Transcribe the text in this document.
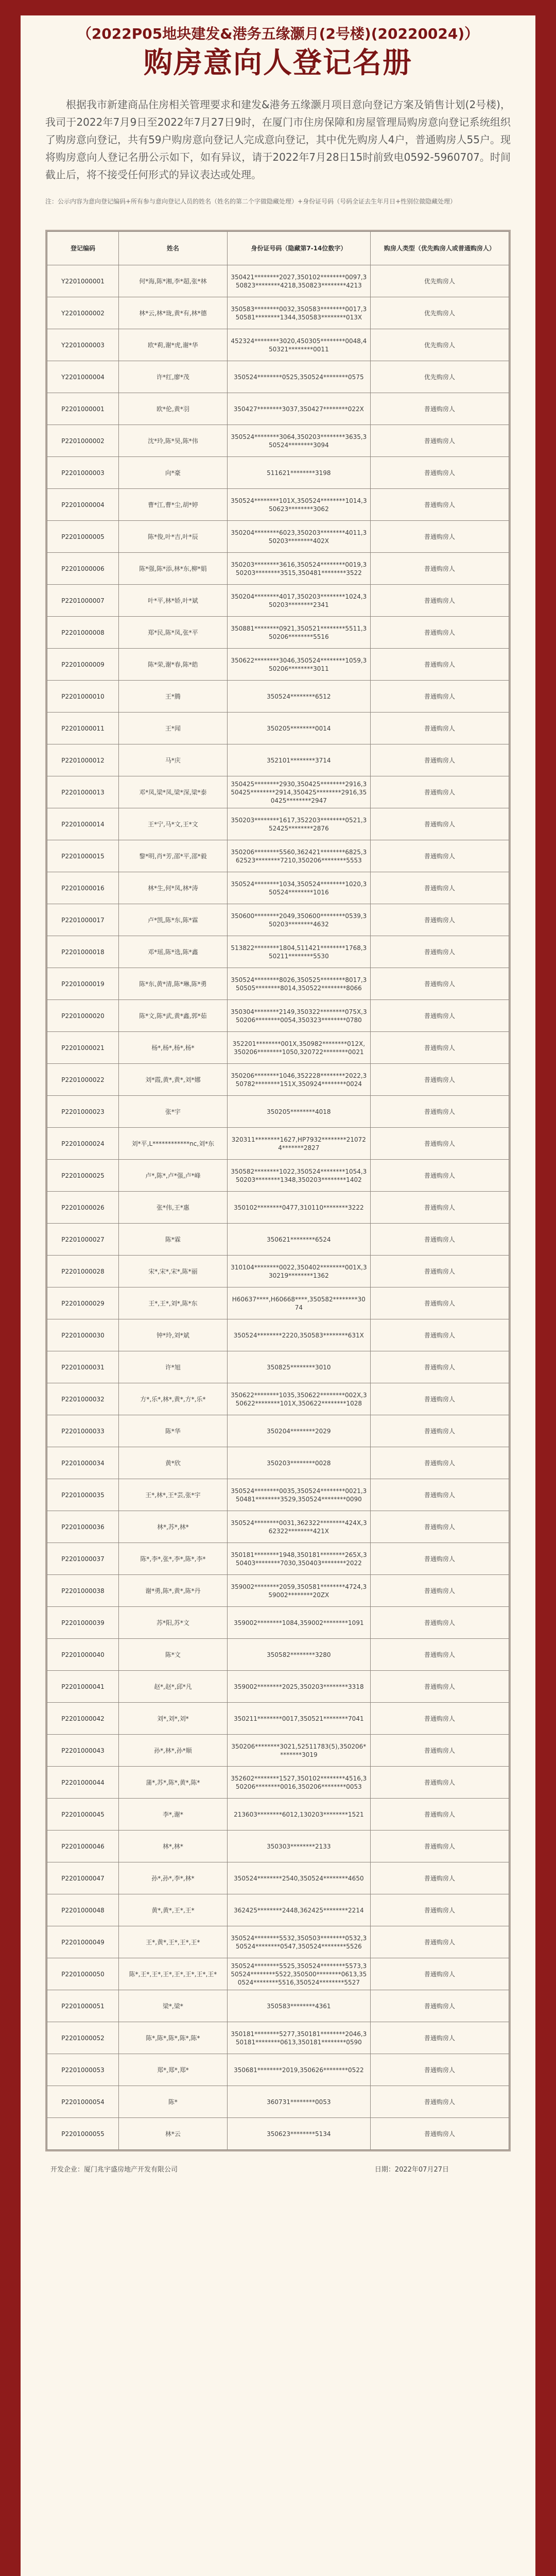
（2022P05地块建发&港务五缘灏月(2号楼)(20220024)）
购房意向人登记名册
根据我市新建商品住房相关管理要求和建发&港务五缘灏月项目意向登记方案及销售计划(2号楼)，我司于2022年7月9日至2022年7月27日9时，在厦门市住房保障和房屋管理局购房意向登记系统组织了购房意向登记，共有59户购房意向登记人完成意向登记，其中优先购房人4户，普通购房人55户。现将购房意向人登记名册公示如下，如有异议，请于2022年7月28日15时前致电0592-5960707。时间截止后，将不接受任何形式的异议表达或处理。
注：公示内容为意向登记编码+所有参与意向登记人员的姓名（姓名的第二个字做隐藏处理）+身份证号码（号码全证去生年月日+性别位做隐藏处理）
登记编码	姓名	身份证号码（隐藏第7-14位数字）	购房人类型（优先购房人或普通购房人）
Y2201000001	何*海,陈*湘,李*超,张*林	350421********2027,350102********0097,350823********4218,350823********4213	优先购房人
Y2201000002	林*云,林*珑,黄*有,林*德	350583********0032,350583********0017,350581********1344,350583********013X	优先购房人
Y2201000003	欧*莉,谢*虎,谢*华	452324********3020,450305********0048,450321********0011	优先购房人
Y2201000004	许*红,廖*茂	350524********0525,350524********0575	优先购房人
P2201000001	欧*伦,黄*羽	350427********3037,350427********022X	普通购房人
P2201000002	沈*玲,陈*昊,陈*伟	350524********3064,350203********3635,350524********3094	普通购房人
P2201000003	向*豪	511621********3198	普通购房人
P2201000004	曹*江,曹*尘,胡*婷	350524********101X,350524********1014,350623********3062	普通购房人
P2201000005	陈*俊,叶*吉,叶*辰	350204********6023,350203********4011,350203********402X	普通购房人
P2201000006	陈*强,陈*添,林*东,柳*娟	350203********3616,350524********0019,350203********3515,350481********3522	普通购房人
P2201000007	叶*平,林*娇,叶*斌	350204********4017,350203********1024,350203********2341	普通购房人
P2201000008	郑*民,陈*凤,张*平	350881********0921,350521********5511,350206********5516	普通购房人
P2201000009	陈*荣,谢*春,陈*皓	350622********3046,350524********1059,350206********3011	普通购房人
P2201000010	王*腾	350524********6512	普通购房人
P2201000011	王*闻	350205********0014	普通购房人
P2201000012	马*庆	352101********3714	普通购房人
P2201000013	邓*凤,梁*凤,梁*深,梁*泰	350425********2930,350425********2916,350425********2914,350425********2916,350425********2947	普通购房人
P2201000014	王*宁,马*文,王*文	350203********1617,352203********0521,352425********2876	普通购房人
P2201000015	黎*明,肖*芳,邵*平,邵*毅	350206********5560,362421********6825,362523********7210,350206********5553	普通购房人
P2201000016	林*生,何*凤,林*涛	350524********1034,350524********1020,350524********1016	普通购房人
P2201000017	卢*凯,陈*东,陈*霖	350600********2049,350600********0539,350203********4632	普通购房人
P2201000018	邓*瑶,陈*选,陈*鑫	513822********1804,511421********1768,350211********5530	普通购房人
P2201000019	陈*东,黄*清,陈*琳,陈*勇	350524********8026,350525********8017,350505********8014,350522********8066	普通购房人
P2201000020	陈*文,陈*武,黄*鑫,郭*茹	350304********2149,350322********075X,350206********0054,350323********0780	普通购房人
P2201000021	杨*,杨*,杨*,杨*	352201********001X,350982********012X,350206********1050,320722********0021	普通购房人
P2201000022	刘*霞,黄*,黄*,刘*娜	350206********1046,352228********2022,350782********151X,350924********0024	普通购房人
P2201000023	张*宇	350205********4018	普通购房人
P2201000024	刘*平,L************nc,刘*东	320311********1627,HP7932********210724*******2827	普通购房人
P2201000025	卢*,陈*,卢*强,卢*峰	350582********1022,350524********1054,350203********1348,350203********1402	普通购房人
P2201000026	张*伟,王*惠	350102********0477,310110********3222	普通购房人
P2201000027	陈*霖	350621********6524	普通购房人
P2201000028	宋*,宋*,宋*,陈*丽	310104********0022,350402********001X,330219********1362	普通购房人
P2201000029	王*,王*,刘*,陈*东	H60637****,H60668****,350582********3074	普通购房人
P2201000030	钟*玲,刘*斌	350524********2220,350583********631X	普通购房人
P2201000031	许*旭	350825********3010	普通购房人
P2201000032	方*,乐*,林*,黄*,方*,乐*	350622********1035,350622********002X,350622********101X,350622********1028	普通购房人
P2201000033	陈*华	350204********2029	普通购房人
P2201000034	黄*欣	350203********0028	普通购房人
P2201000035	王*,林*,王*芸,张*宇	350524********0035,350524********0021,350481********3529,350524********0090	普通购房人
P2201000036	林*,苏*,林*	350524********0031,362322********424X,362322********421X	普通购房人
P2201000037	陈*,李*,张*,李*,陈*,李*	350181********1948,350181********265X,350403********7030,350403********2022	普通购房人
P2201000038	谢*勇,陈*,黄*,陈*丹	359002********2059,350581********4724,359002********20ZX	普通购房人
P2201000039	苏*阳,苏*文	359002********1084,359002********1091	普通购房人
P2201000040	陈*文	350582********3280	普通购房人
P2201000041	赵*,赵*,邱*凡	359002********2025,350203********3318	普通购房人
P2201000042	刘*,刘*,刘*	350211********0017,350521********7041	普通购房人
P2201000043	孙*,林*,孙*顺	350206********3021,52511783(5),350206********3019	普通购房人
P2201000044	蒲*,苏*,陈*,黄*,陈*	352602********1527,350102********4516,350206********0016,350206********0053	普通购房人
P2201000045	李*,谢*	213603********6012,130203********1521	普通购房人
P2201000046	林*,林*	350303********2133	普通购房人
P2201000047	孙*,孙*,李*,林*	350524********2540,350524********4650	普通购房人
P2201000048	黄*,黄*,王*,王*	362425********2448,362425********2214	普通购房人
P2201000049	王*,黄*,王*,王*,王*	350524********5532,350503********0532,350524********0547,350524********5526	普通购房人
P2201000050	陈*,王*,王*,王*,王*,王*,王*,王*	350524********5525,350524********5573,350524********5522,350500********0613,350524********5516,350524********5527	普通购房人
P2201000051	梁*,梁*	350583********4361	普通购房人
P2201000052	陈*,陈*,陈*,陈*,陈*	350181********5277,350181********2046,350181********0613,350181********0590	普通购房人
P2201000053	郑*,郑*,郑*	350681********2019,350626********0522	普通购房人
P2201000054	陈*	360731********0053	普通购房人
P2201000055	林*云	350623********5134	普通购房人
开发企业：厦门兆宇盛房地产开发有限公司	日期：2022年07月27日
